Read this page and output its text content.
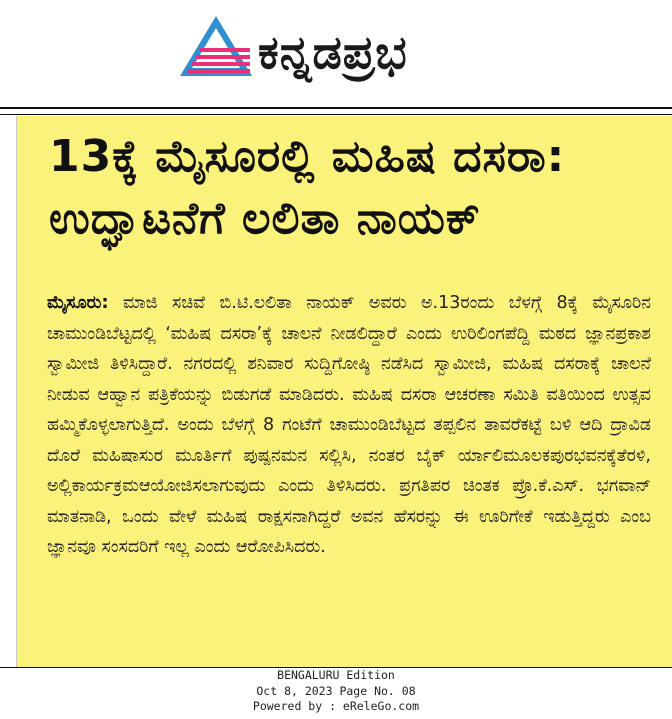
ಕನ್ನಡಪ್ರಭ
13ಕ್ಕೆ ಮೈಸೂರಲ್ಲಿ ಮಹಿಷ ದಸರಾ:
ಉದ್ಘಾಟನೆಗೆ ಲಲಿತಾ ನಾಯಕ್
ಮೈಸೂರು: ಮಾಜಿ ಸಚಿವೆ ಬಿ.ಟಿ.ಲಲಿತಾ ನಾಯಕ್ ಅವರು ಅ.13ರಂದು ಬೆಳಗ್ಗೆ 8ಕ್ಕೆ ಮೈಸೂರಿನ ಚಾಮುಂಡಿಬೆಟ್ಟದಲ್ಲಿ ‘ಮಹಿಷ ದಸರಾ’ಕ್ಕೆ ಚಾಲನೆ ನೀಡಲಿದ್ದಾರೆ ಎಂದು ಉರಿಲಿಂಗಪೆದ್ದಿ ಮಠದ ಜ್ಞಾನಪ್ರಕಾಶ ಸ್ವಾಮೀಜಿ ತಿಳಿಸಿದ್ದಾರೆ. ನಗರದಲ್ಲಿ ಶನಿವಾರ ಸುದ್ದಿಗೋಷ್ಠಿ ನಡೆಸಿದ ಸ್ವಾಮೀಜಿ, ಮಹಿಷ ದಸರಾಕ್ಕೆ ಚಾಲನೆ ನೀಡುವ ಆಹ್ವಾನ ಪತ್ರಿಕೆಯನ್ನು ಬಿಡುಗಡೆ ಮಾಡಿದರು. ಮಹಿಷ ದಸರಾ ಆಚರಣಾ ಸಮಿತಿ ವತಿಯಿಂದ ಉತ್ಸವ ಹಮ್ಮಿಕೊಳ್ಳಲಾಗುತ್ತಿದೆ. ಅಂದು ಬೆಳಗ್ಗೆ 8 ಗಂಟೆಗೆ ಚಾಮುಂಡಿಬೆಟ್ಟದ ತಪ್ಪಲಿನ ತಾವರೆಕಟ್ಟೆ ಬಳಿ ಆದಿ ದ್ರಾವಿಡ ದೊರೆ ಮಹಿಷಾಸುರ ಮೂರ್ತಿಗೆ ಪುಷ್ಪನಮನ ಸಲ್ಲಿಸಿ, ನಂತರ ಬೈಕ್ ರ್ಯಾಲಿಮೂಲಕಪುರಭವನಕ್ಕೆತೆರಳಿ, ಅಲ್ಲಿಕಾರ್ಯಕ್ರಮಆಯೋಜಿಸಲಾಗುವುದು ಎಂದು ತಿಳಿಸಿದರು. ಪ್ರಗತಿಪರ ಚಿಂತಕ ಪ್ರೊ.ಕೆ.ಎಸ್. ಭಗವಾನ್ ಮಾತನಾಡಿ, ಒಂದು ವೇಳೆ ಮಹಿಷ ರಾಕ್ಷಸನಾಗಿದ್ದರೆ ಅವನ ಹೆಸರನ್ನು ಈ ಊರಿಗೇಕೆ ಇಡುತ್ತಿದ್ದರು ಎಂಬ ಜ್ಞಾನವೂ ಸಂಸದರಿಗೆ ಇಲ್ಲ ಎಂದು ಆರೋಪಿಸಿದರು.
BENGALURU Edition
Oct 8, 2023 Page No. 08
Powered by : eReleGo.com
